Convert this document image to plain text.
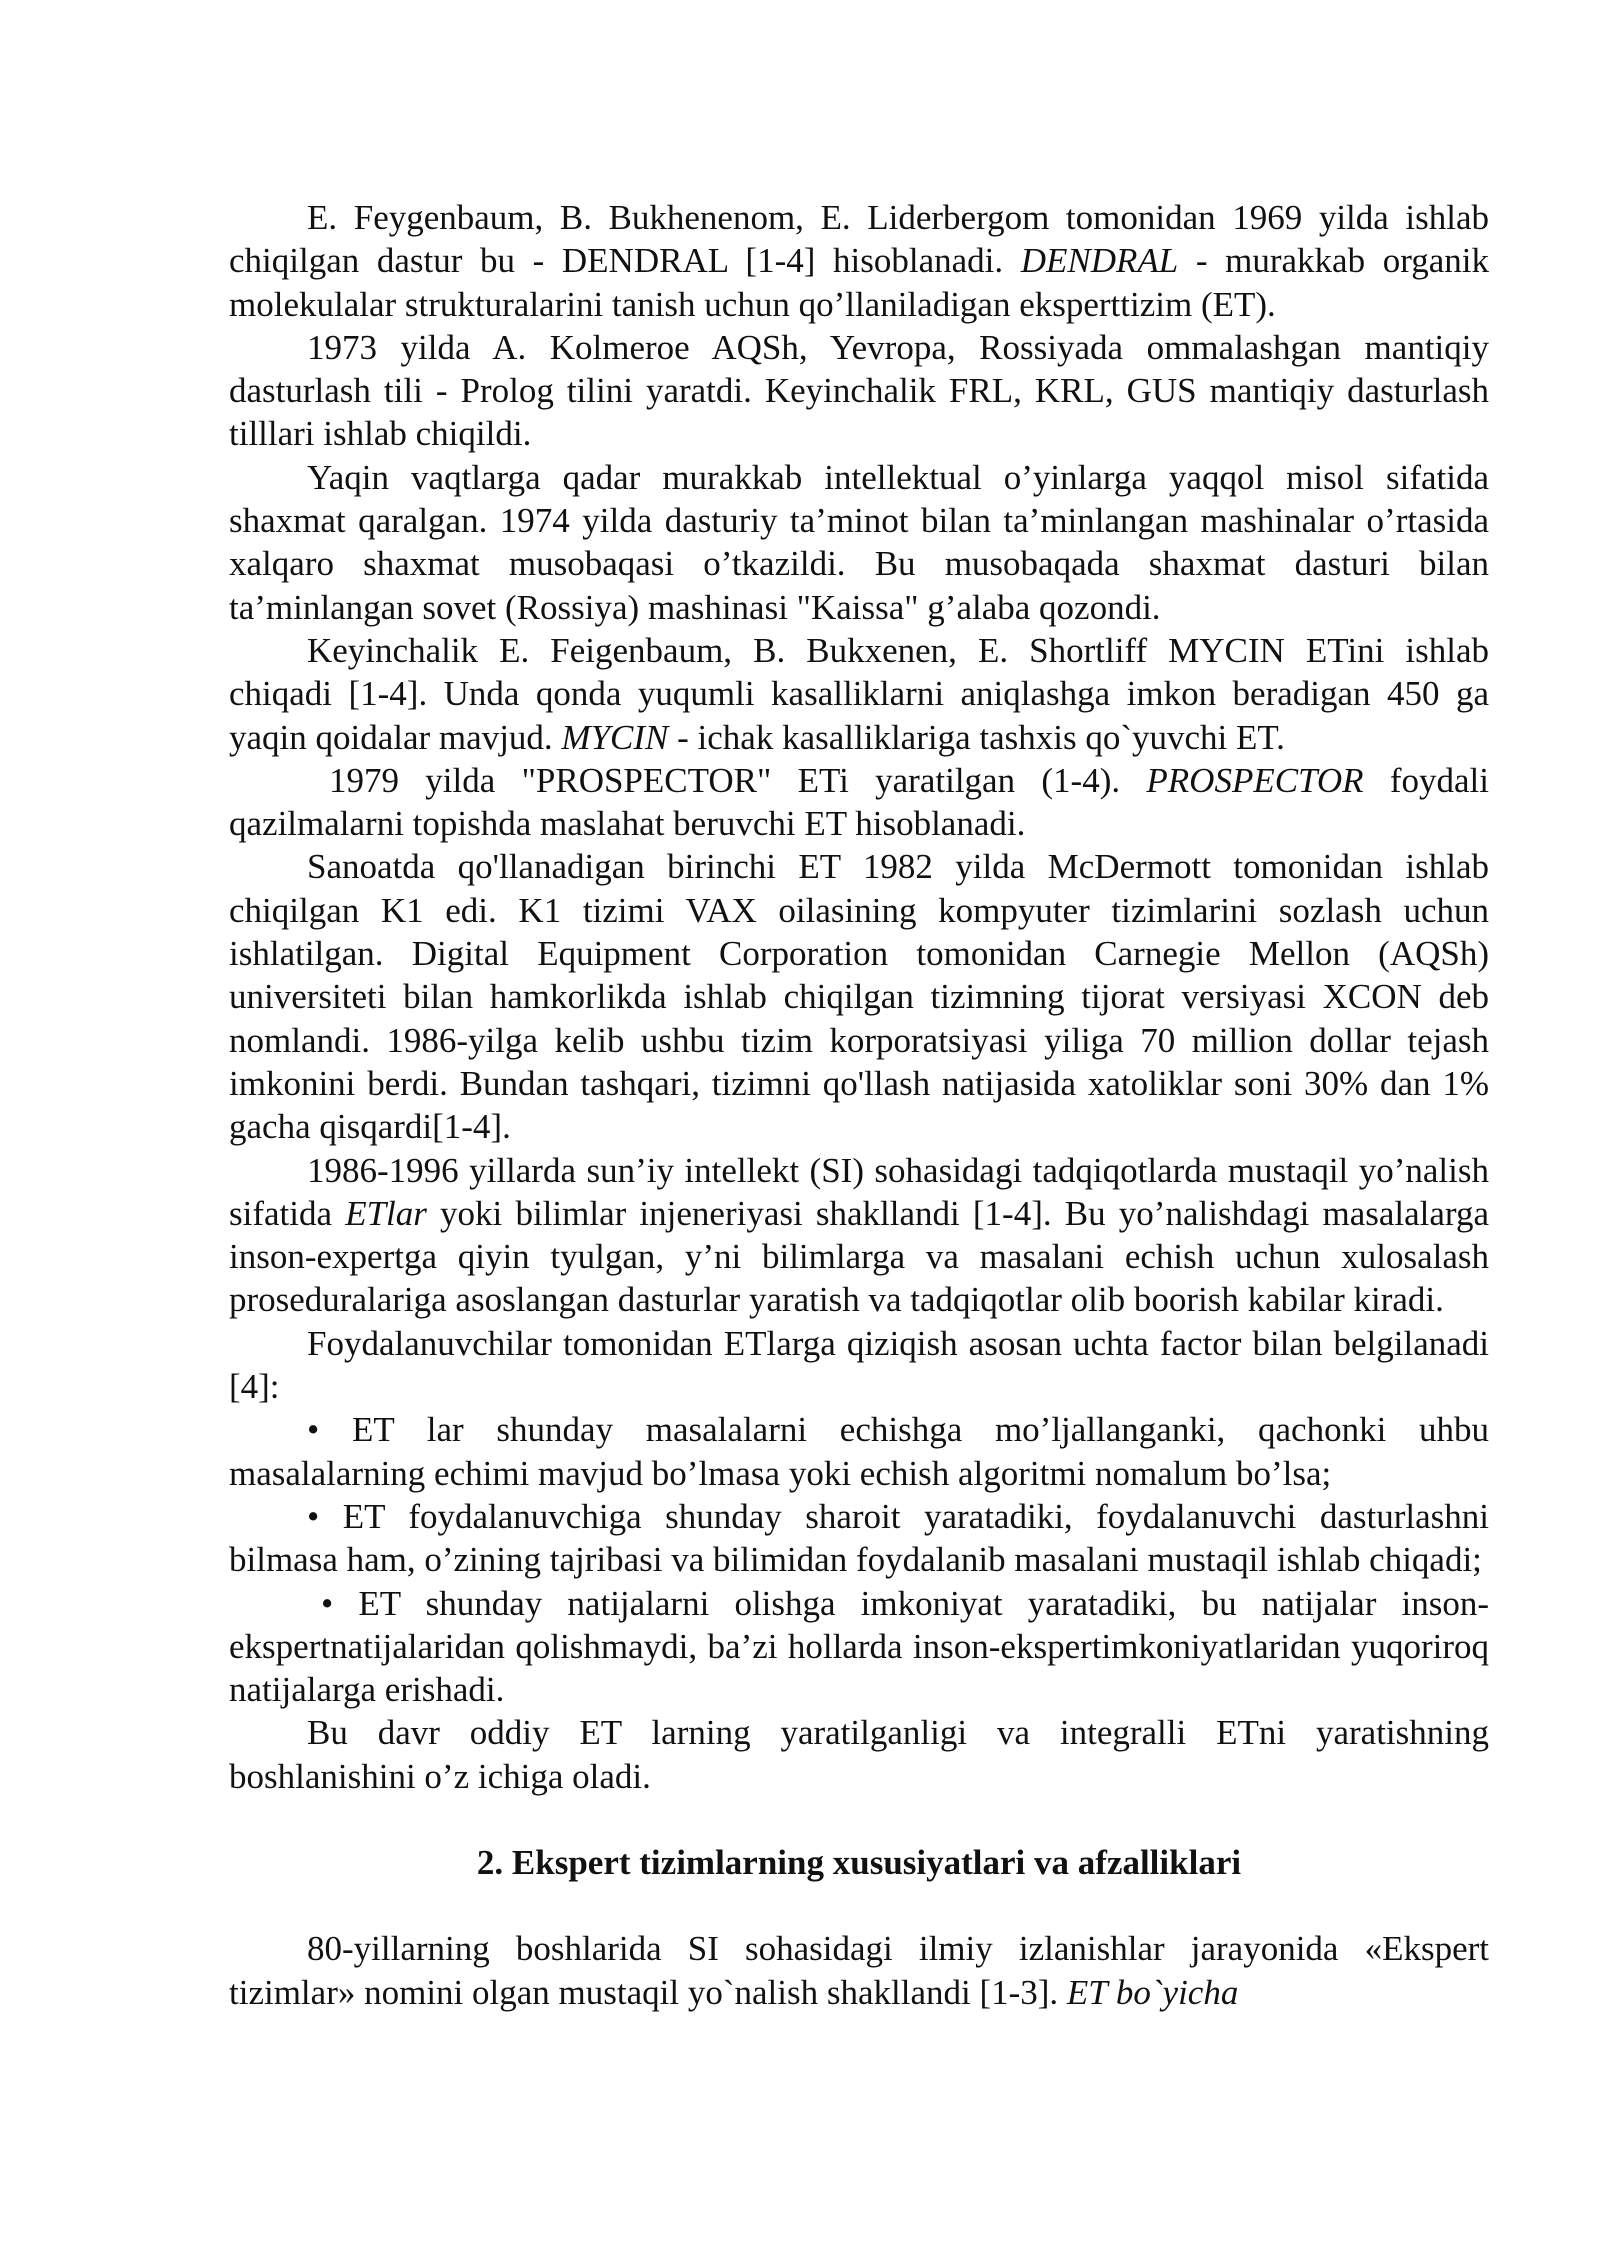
E. Feygenbaum, B. Bukhenenom, E. Liderbergom tomonidan 1969 yilda ishlab chiqilgan dastur bu - DENDRAL [1-4] hisoblanadi. DENDRAL - murakkab organik molekulalar strukturalarini tanish uchun qo’llaniladigan eksperttizim (ET).

1973 yilda A. Kolmeroe AQSh, Yevropa, Rossiyada ommalashgan mantiqiy dasturlash tili - Prolog tilini yaratdi. Keyinchalik FRL, KRL, GUS mantiqiy dasturlash tilllari ishlab chiqildi.

Yaqin vaqtlarga qadar murakkab intellektual o’yinlarga yaqqol misol sifatida shaxmat qaralgan. 1974 yilda dasturiy ta’minot bilan ta’minlangan mashinalar o’rtasida xalqaro shaxmat musobaqasi o’tkazildi. Bu musobaqada shaxmat dasturi bilan ta’minlangan sovet (Rossiya) mashinasi "Kaissa" g’alaba qozondi.

Keyinchalik E. Feigenbaum, B. Bukxenen, E. Shortliff MYCIN ETini ishlab chiqadi [1-4]. Unda qonda yuqumli kasalliklarni aniqlashga imkon beradigan 450 ga yaqin qoidalar mavjud. MYCIN - ichak kasalliklariga tashxis qo`yuvchi ET.

1979 yilda "PROSPECTOR" ETi yaratilgan (1-4). PROSPECTOR foydali qazilmalarni topishda maslahat beruvchi ET hisoblanadi.

Sanoatda qo'llanadigan birinchi ET 1982 yilda McDermott tomonidan ishlab chiqilgan K1 edi. K1 tizimi VAX oilasining kompyuter tizimlarini sozlash uchun ishlatilgan. Digital Equipment Corporation tomonidan Carnegie Mellon (AQSh) universiteti bilan hamkorlikda ishlab chiqilgan tizimning tijorat versiyasi XCON deb nomlandi. 1986-yilga kelib ushbu tizim korporatsiyasi yiliga 70 million dollar tejash imkonini berdi. Bundan tashqari, tizimni qo'llash natijasida xatoliklar soni 30% dan 1% gacha qisqardi[1-4].

1986-1996 yillarda sun’iy intellekt (SI) sohasidagi tadqiqotlarda mustaqil yo’nalish sifatida ETlar yoki bilimlar injeneriyasi shakllandi [1-4]. Bu yo’nalishdagi masalalarga inson-expertga qiyin tyulgan, y’ni bilimlarga va masalani echish uchun xulosalash proseduralariga asoslangan dasturlar yaratish va tadqiqotlar olib boorish kabilar kiradi.

Foydalanuvchilar tomonidan ETlarga qiziqish asosan uchta factor bilan belgilanadi [4]:

• ET lar shunday masalalarni echishga mo’ljallanganki, qachonki uhbu masalalarning echimi mavjud bo’lmasa yoki echish algoritmi nomalum bo’lsa;

• ET foydalanuvchiga shunday sharoit yaratadiki, foydalanuvchi dasturlashni bilmasa ham, o’zining tajribasi va bilimidan foydalanib masalani mustaqil ishlab chiqadi;

• ET shunday natijalarni olishga imkoniyat yaratadiki, bu natijalar inson-ekspertnatijalaridan qolishmaydi, ba’zi hollarda inson-ekspertimkoniyatlaridan yuqoriroq natijalarga erishadi.

Bu davr oddiy ET larning yaratilganligi va integralli ETni yaratishning boshlanishini o’z ichiga oladi.

2. Ekspert tizimlarning xususiyatlari va afzalliklari

80-yillarning boshlarida SI sohasidagi ilmiy izlanishlar jarayonida «Ekspert tizimlar» nomini olgan mustaqil yo`nalish shakllandi [1-3]. ET bo`yicha
